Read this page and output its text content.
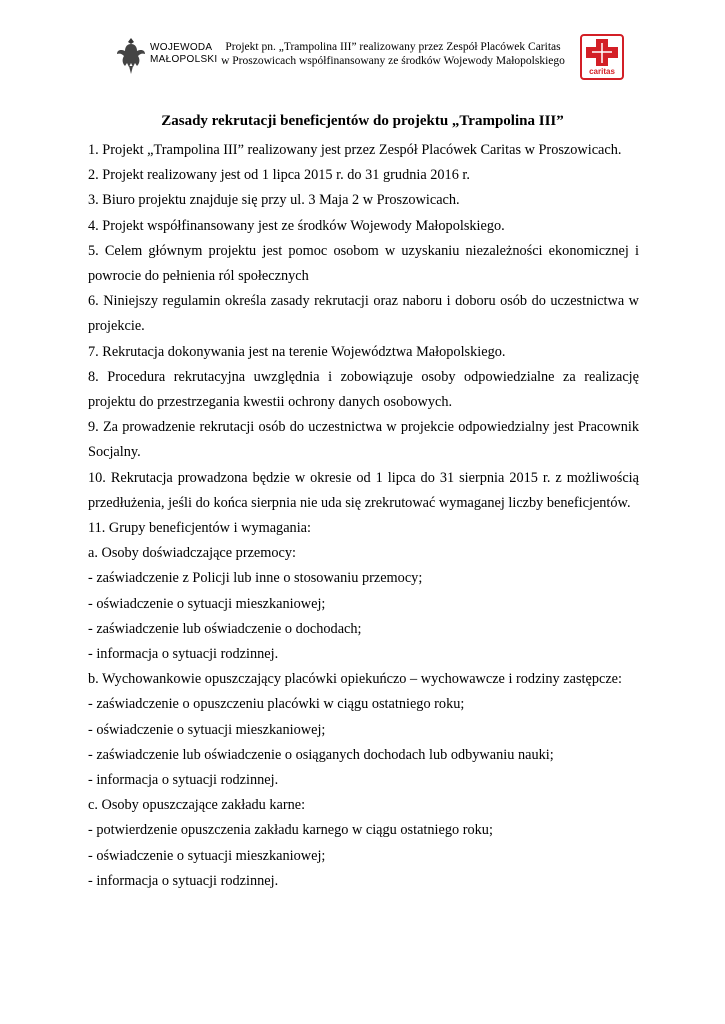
WOJEWODA
MAŁOPOLSKI
Projekt pn. „Trampolina III” realizowany przez Zespół Placówek Caritas
w Proszowicach współfinansowany ze środków Wojewody Małopolskiego
caritas
Zasady rekrutacji beneficjentów do projektu „Trampolina III”

1. Projekt „Trampolina III” realizowany jest przez Zespół Placówek Caritas w Proszowicach.

2. Projekt realizowany jest od 1 lipca 2015 r. do 31 grudnia 2016 r.

3. Biuro projektu znajduje się przy ul. 3 Maja 2 w Proszowicach.

4. Projekt współfinansowany jest ze środków Wojewody Małopolskiego.

5. Celem głównym projektu jest pomoc osobom w uzyskaniu niezależności ekonomicznej i powrocie do pełnienia ról społecznych

6. Niniejszy regulamin określa zasady rekrutacji oraz naboru i doboru osób do uczestnictwa w projekcie.

7. Rekrutacja dokonywania jest na terenie Województwa Małopolskiego.

8. Procedura rekrutacyjna uwzględnia i zobowiązuje osoby odpowiedzialne za realizację projektu do przestrzegania kwestii ochrony danych osobowych.

9. Za prowadzenie rekrutacji osób do uczestnictwa w projekcie odpowiedzialny jest Pracownik Socjalny.

10. Rekrutacja prowadzona będzie w okresie od 1 lipca do 31 sierpnia 2015 r. z możliwością przedłużenia, jeśli do końca sierpnia nie uda się zrekrutować wymaganej liczby beneficjentów.

11. Grupy beneficjentów i wymagania:

a. Osoby doświadczające przemocy:

- zaświadczenie z Policji lub inne o stosowaniu przemocy;

- oświadczenie o sytuacji mieszkaniowej;

- zaświadczenie lub oświadczenie o dochodach;

- informacja o sytuacji rodzinnej.

b. Wychowankowie opuszczający placówki opiekuńczo – wychowawcze i rodziny zastępcze:

- zaświadczenie o opuszczeniu placówki w ciągu ostatniego roku;

- oświadczenie o sytuacji mieszkaniowej;

- zaświadczenie lub oświadczenie o osiąganych dochodach lub odbywaniu nauki;

- informacja o sytuacji rodzinnej.

c. Osoby opuszczające zakładu karne:

- potwierdzenie opuszczenia zakładu karnego w ciągu ostatniego roku;

- oświadczenie o sytuacji mieszkaniowej;

- informacja o sytuacji rodzinnej.
